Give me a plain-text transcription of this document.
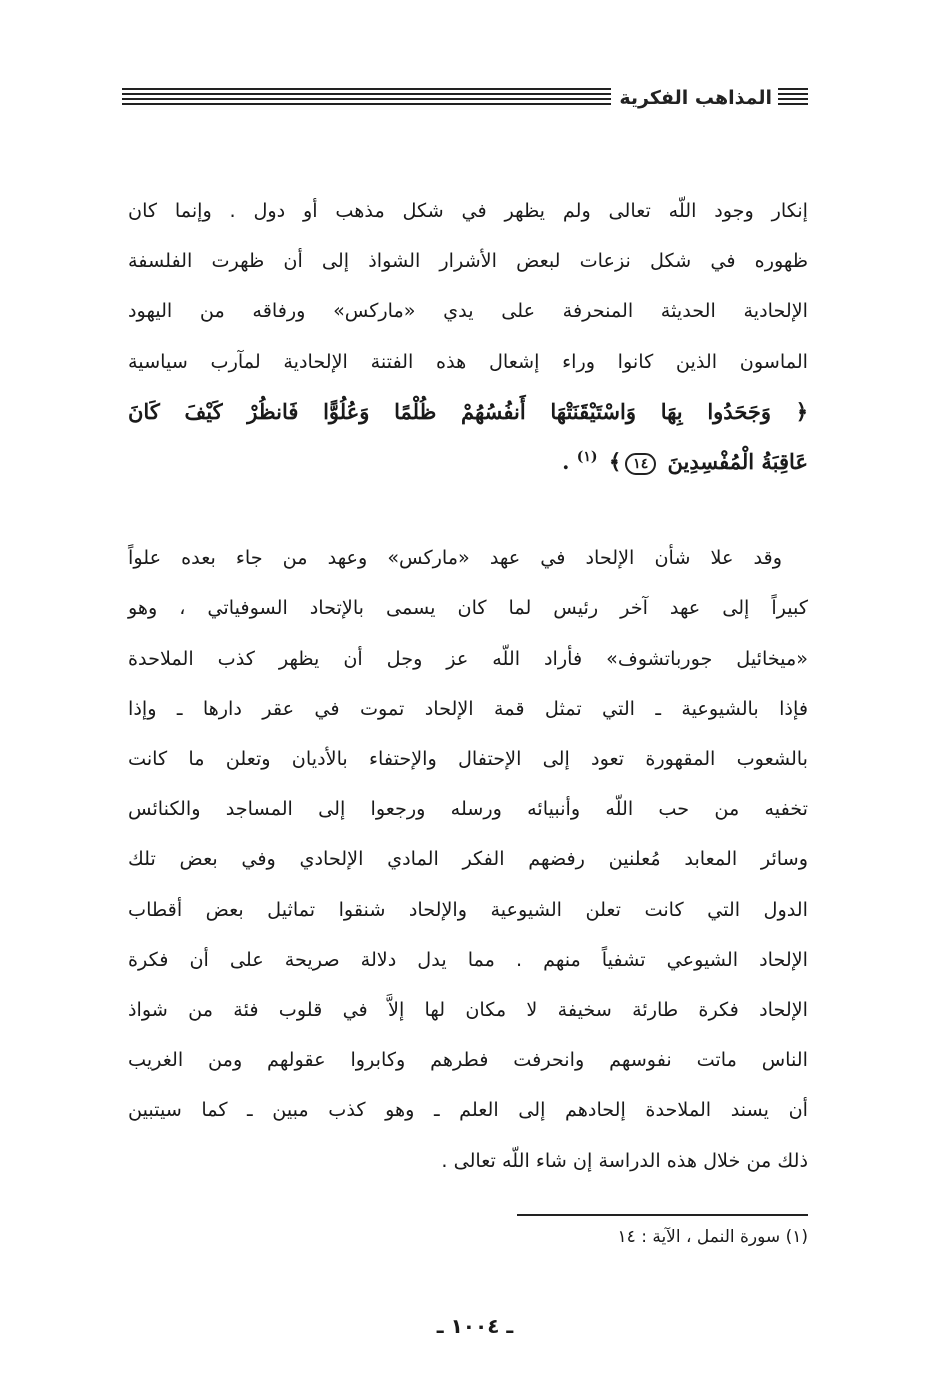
المذاهب الفكرية
إنكار وجود اللّه تعالى ولم يظهر في شكل مذهب أو دول . وإنما كان
ظهوره في شكل نزعات لبعض الأشرار الشواذ إلى أن ظهرت الفلسفة
الإلحادية الحديثة المنحرفة على يدي «ماركس» ورفاقه من اليهود
الماسون الذين كانوا وراء إشعال هذه الفتنة الإلحادية لمآرب سياسية
﴿ وَجَحَدُوا بِهَا وَاسْتَيْقَنَتْهَا أَنفُسُهُمْ ظُلْمًا وَعُلُوًّا فَانظُرْ كَيْفَ كَانَ
عَاقِبَةُ الْمُفْسِدِينَ ١٤﴾ $^{(١)}$ .
وقد علا شأن الإلحاد في عهد «ماركس» وعهد من جاء بعده علواً
كبيراً إلى عهد آخر رئيس لما كان يسمى بالإتحاد السوفياتي ، وهو
«ميخائيل جورباتشوف» فأراد اللّه عز وجل أن يظهر كذب الملاحدة
فإذا بالشيوعية ـ التي تمثل قمة الإلحاد تموت في عقر دارها ـ وإذا
بالشعوب المقهورة تعود إلى الإحتفال والإحتفاء بالأديان وتعلن ما كانت
تخفيه من حب اللّه وأنبيائه ورسله ورجعوا إلى المساجد والكنائس
وسائر المعابد مُعلنين رفضهم الفكر المادي الإلحادي وفي بعض تلك
الدول التي كانت تعلن الشيوعية والإلحاد شنقوا تماثيل بعض أقطاب
الإلحاد الشيوعي تشفياً منهم . مما يدل دلالة صريحة على أن فكرة
الإلحاد فكرة طارئة سخيفة لا مكان لها إلاَّ في قلوب فئة من شواذ
الناس ماتت نفوسهم وانحرفت فطرهم وكابروا عقولهم ومن الغريب
أن يسند الملاحدة إلحادهم إلى العلم ـ وهو كذب مبين ـ كما سيتبين
ذلك من خلال هذه الدراسة إن شاء اللّه تعالى .
(١) سورة النمل ، الآية : ١٤
ـ ١٠٠٤ ـ
